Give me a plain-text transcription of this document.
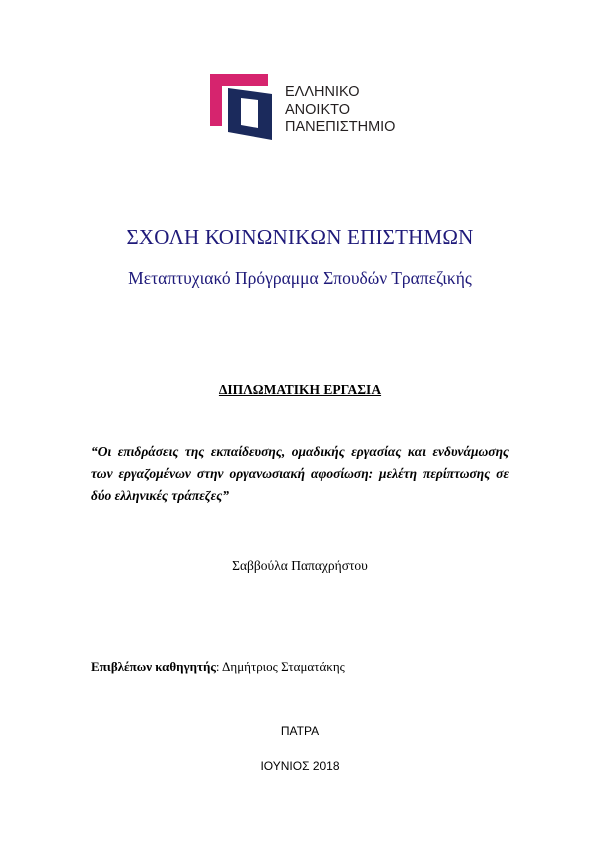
ΕΛΛΗΝΙΚΟ
ΑΝΟΙΚΤΟ
ΠΑΝΕΠΙΣΤΗΜΙΟ
ΣΧΟΛΗ ΚΟΙΝΩΝΙΚΩΝ ΕΠΙΣΤΗΜΩΝ
Μεταπτυχιακό Πρόγραμμα Σπουδών Τραπεζικής
ΔΙΠΛΩΜΑΤΙΚΗ ΕΡΓΑΣΙΑ
“Οι επιδράσεις της εκπαίδευσης, ομαδικής εργασίας και ενδυνάμωσης των εργαζομένων στην οργανωσιακή αφοσίωση: μελέτη περίπτωσης σε δύο ελληνικές τράπεζες”
Σαββούλα Παπαχρήστου
Επιβλέπων καθηγητής: Δημήτριος Σταματάκης
ΠΑΤΡΑ
ΙΟΥΝΙΟΣ 2018
